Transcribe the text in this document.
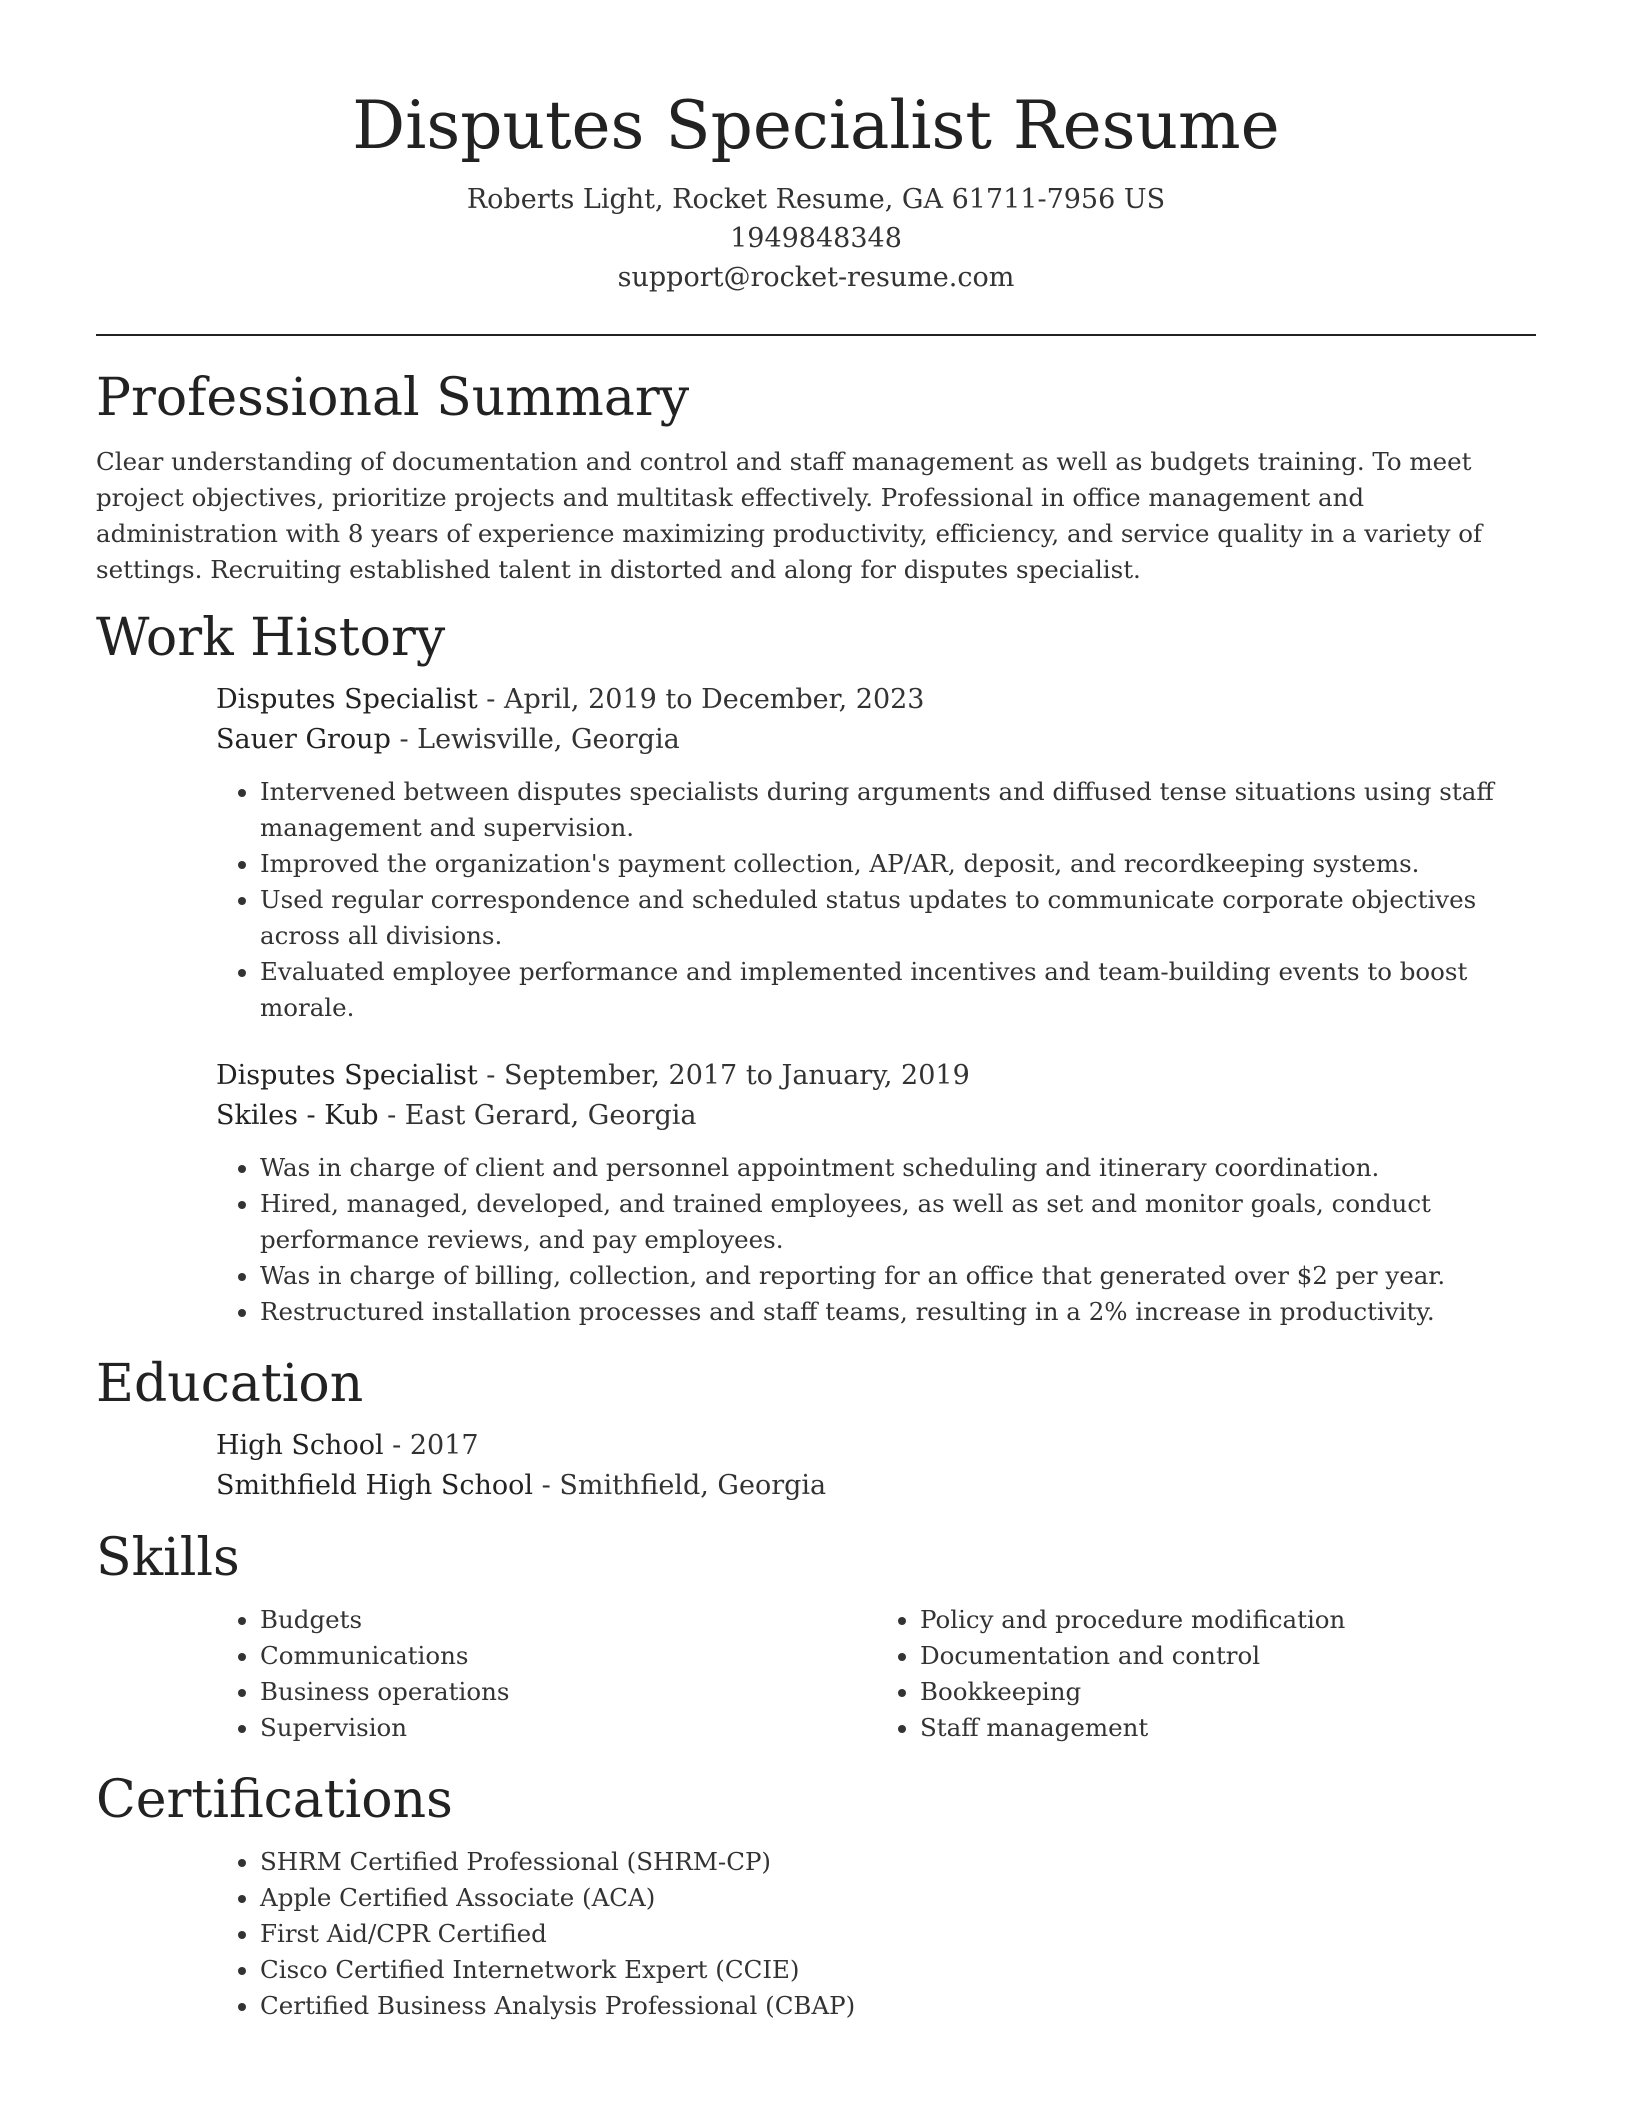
Disputes Specialist Resume
Roberts Light, Rocket Resume, GA 61711-7956 US
1949848348
support@rocket-resume.com
Professional Summary

Clear understanding of documentation and control and staff management as well as budgets training. To meet project objectives, prioritize projects and multitask effectively. Professional in office management and administration with 8 years of experience maximizing productivity, efficiency, and service quality in a variety of settings. Recruiting established talent in distorted and along for disputes specialist.

Work History
Disputes Specialist - April, 2019 to December, 2023
Sauer Group - Lewisville, Georgia
• Intervened between disputes specialists during arguments and diffused tense situations using staff management and supervision.
• Improved the organization's payment collection, AP/AR, deposit, and recordkeeping systems.
• Used regular correspondence and scheduled status updates to communicate corporate objectives across all divisions.
• Evaluated employee performance and implemented incentives and team-building events to boost morale.
Disputes Specialist - September, 2017 to January, 2019
Skiles - Kub - East Gerard, Georgia
• Was in charge of client and personnel appointment scheduling and itinerary coordination.
• Hired, managed, developed, and trained employees, as well as set and monitor goals, conduct performance reviews, and pay employees.
• Was in charge of billing, collection, and reporting for an office that generated over $2 per year.
• Restructured installation processes and staff teams, resulting in a 2% increase in productivity.
Education
High School - 2017
Smithfield High School - Smithfield, Georgia
Skills
• Budgets
• Communications
• Business operations
• Supervision
• Policy and procedure modification
• Documentation and control
• Bookkeeping
• Staff management
Certifications
• SHRM Certified Professional (SHRM-CP)
• Apple Certified Associate (ACA)
• First Aid/CPR Certified
• Cisco Certified Internetwork Expert (CCIE)
• Certified Business Analysis Professional (CBAP)
